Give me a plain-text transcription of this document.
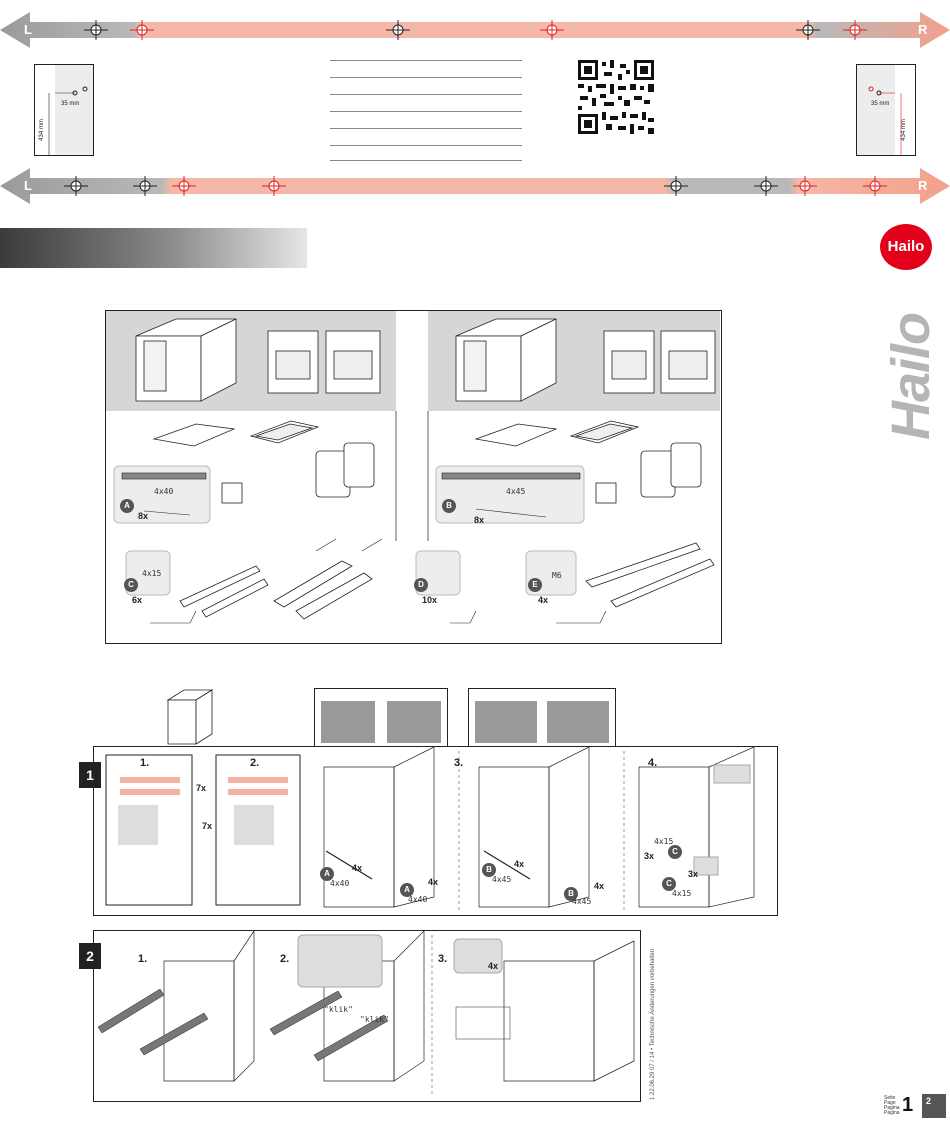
L	R
35 mm
434 mm
35 mm
434 mm
L	R
Hailo
Hailo
A
4x40
8x
B
4x45
8x
C
4x15
6x
D
10x
E
M6
4x
1.	2.	3.	4.
7x
7x
4x
A
4x40	4x
A
4x40
4x
B
4x45
4x
B
4x45
3x	C
4x15
3x
C
4x15
1
1.	2.	3.
4x
"klik"
"klik"
2	1 22.06.29 07 / 14 • Technische Änderungen vorbehalten	Seite
Page
Pagina
Página 1 2
